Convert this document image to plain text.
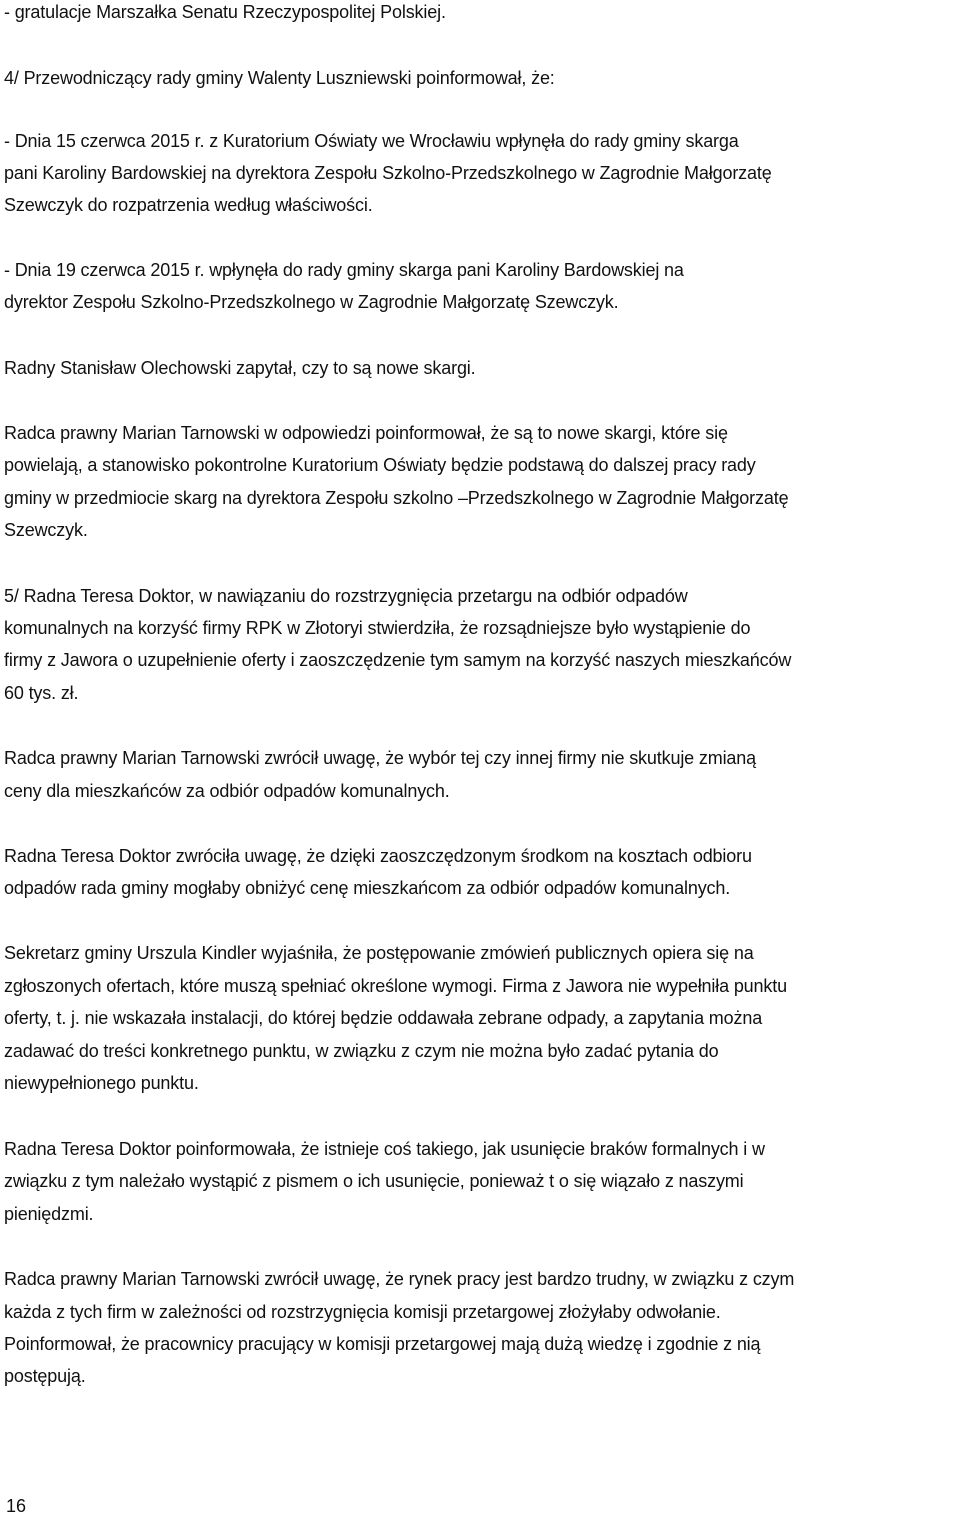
- gratulacje Marszałka Senatu Rzeczypospolitej Polskiej.
4/ Przewodniczący rady gminy Walenty Luszniewski poinformował, że:
- Dnia 15 czerwca 2015 r. z Kuratorium Oświaty we Wrocławiu wpłynęła do rady gminy skarga
pani Karoliny Bardowskiej na dyrektora Zespołu Szkolno-Przedszkolnego w Zagrodnie Małgorzatę
Szewczyk do rozpatrzenia według właściwości.
- Dnia 19 czerwca 2015 r. wpłynęła do rady gminy skarga pani Karoliny Bardowskiej na
dyrektor Zespołu Szkolno-Przedszkolnego w Zagrodnie Małgorzatę Szewczyk.
Radny Stanisław Olechowski zapytał, czy to są nowe skargi.
Radca prawny Marian Tarnowski w odpowiedzi poinformował, że są to nowe skargi, które się
powielają, a stanowisko pokontrolne Kuratorium Oświaty będzie podstawą do dalszej pracy rady
gminy w przedmiocie skarg na dyrektora Zespołu szkolno –Przedszkolnego w Zagrodnie Małgorzatę
Szewczyk.
5/ Radna Teresa Doktor, w nawiązaniu do rozstrzygnięcia przetargu na odbiór odpadów
komunalnych na korzyść firmy RPK w Złotoryi stwierdziła, że rozsądniejsze było wystąpienie do
firmy z Jawora o uzupełnienie oferty i zaoszczędzenie tym samym na korzyść naszych mieszkańców
60 tys. zł.
Radca prawny Marian Tarnowski zwrócił uwagę, że wybór tej czy innej firmy nie skutkuje zmianą
ceny dla mieszkańców za odbiór odpadów komunalnych.
Radna Teresa Doktor zwróciła uwagę, że dzięki zaoszczędzonym środkom na kosztach odbioru
odpadów rada gminy mogłaby obniżyć cenę mieszkańcom za odbiór odpadów komunalnych.
Sekretarz gminy Urszula Kindler wyjaśniła, że postępowanie zmówień publicznych opiera się na
zgłoszonych ofertach, które muszą spełniać określone wymogi. Firma z Jawora nie wypełniła punktu
oferty, t. j. nie wskazała instalacji, do której będzie oddawała zebrane odpady, a zapytania można
zadawać do treści konkretnego punktu, w związku z czym nie można było zadać pytania do
niewypełnionego punktu.
Radna Teresa Doktor poinformowała, że istnieje coś takiego, jak usunięcie braków formalnych i w
związku z tym należało wystąpić z pismem o ich usunięcie, ponieważ t o się wiązało z naszymi
pieniędzmi.
Radca prawny Marian Tarnowski zwrócił uwagę, że rynek pracy jest bardzo trudny, w związku z czym
każda z tych firm w zależności od rozstrzygnięcia komisji przetargowej złożyłaby odwołanie.
Poinformował, że pracownicy pracujący w komisji przetargowej mają dużą wiedzę i zgodnie z nią
postępują.
16
